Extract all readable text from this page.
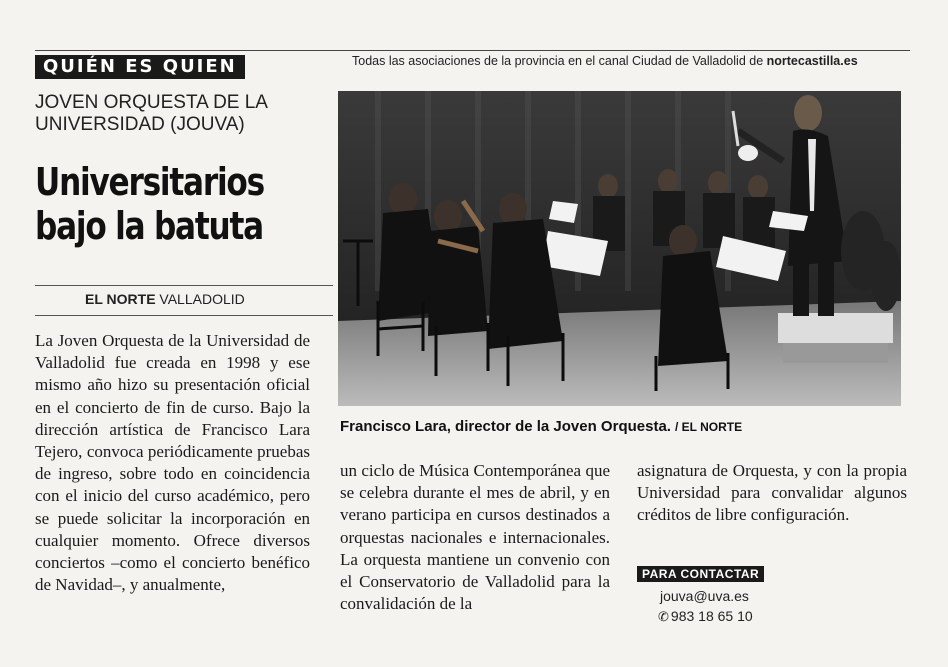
QUIÉN ES QUIEN	Todas las asociaciones de la provincia en el canal Ciudad de Valladolid de nortecastilla.es
JOVEN ORQUESTA DE LA UNIVERSIDAD (JOUVA)
Universitarios
bajo la batuta
EL NORTE VALLADOLID
La Joven Orquesta de la Universidad de Valladolid fue creada en 1998 y ese mismo año hizo su presentación oficial en el concierto de fin de curso. Bajo la dirección artística de Francisco Lara Tejero, convoca periódicamente pruebas de ingreso, sobre todo en coincidencia con el inicio del curso académico, pero se puede solicitar la incorporación en cualquier momento. Ofrece diversos conciertos –como el concierto benéfico de Navidad–, y anualmente,
Francisco Lara, director de la Joven Orquesta. / EL NORTE
un ciclo de Música Contemporánea que se celebra durante el mes de abril, y en verano participa en cursos destinados a orquestas nacionales e internacionales. La orquesta mantiene un convenio con el Conservatorio de Valladolid para la convalidación de la
asignatura de Orquesta, y con la propia Universidad para convalidar algunos créditos de libre configuración.
PARA CONTACTAR
jouva@uva.es
✆ 983 18 65 10
